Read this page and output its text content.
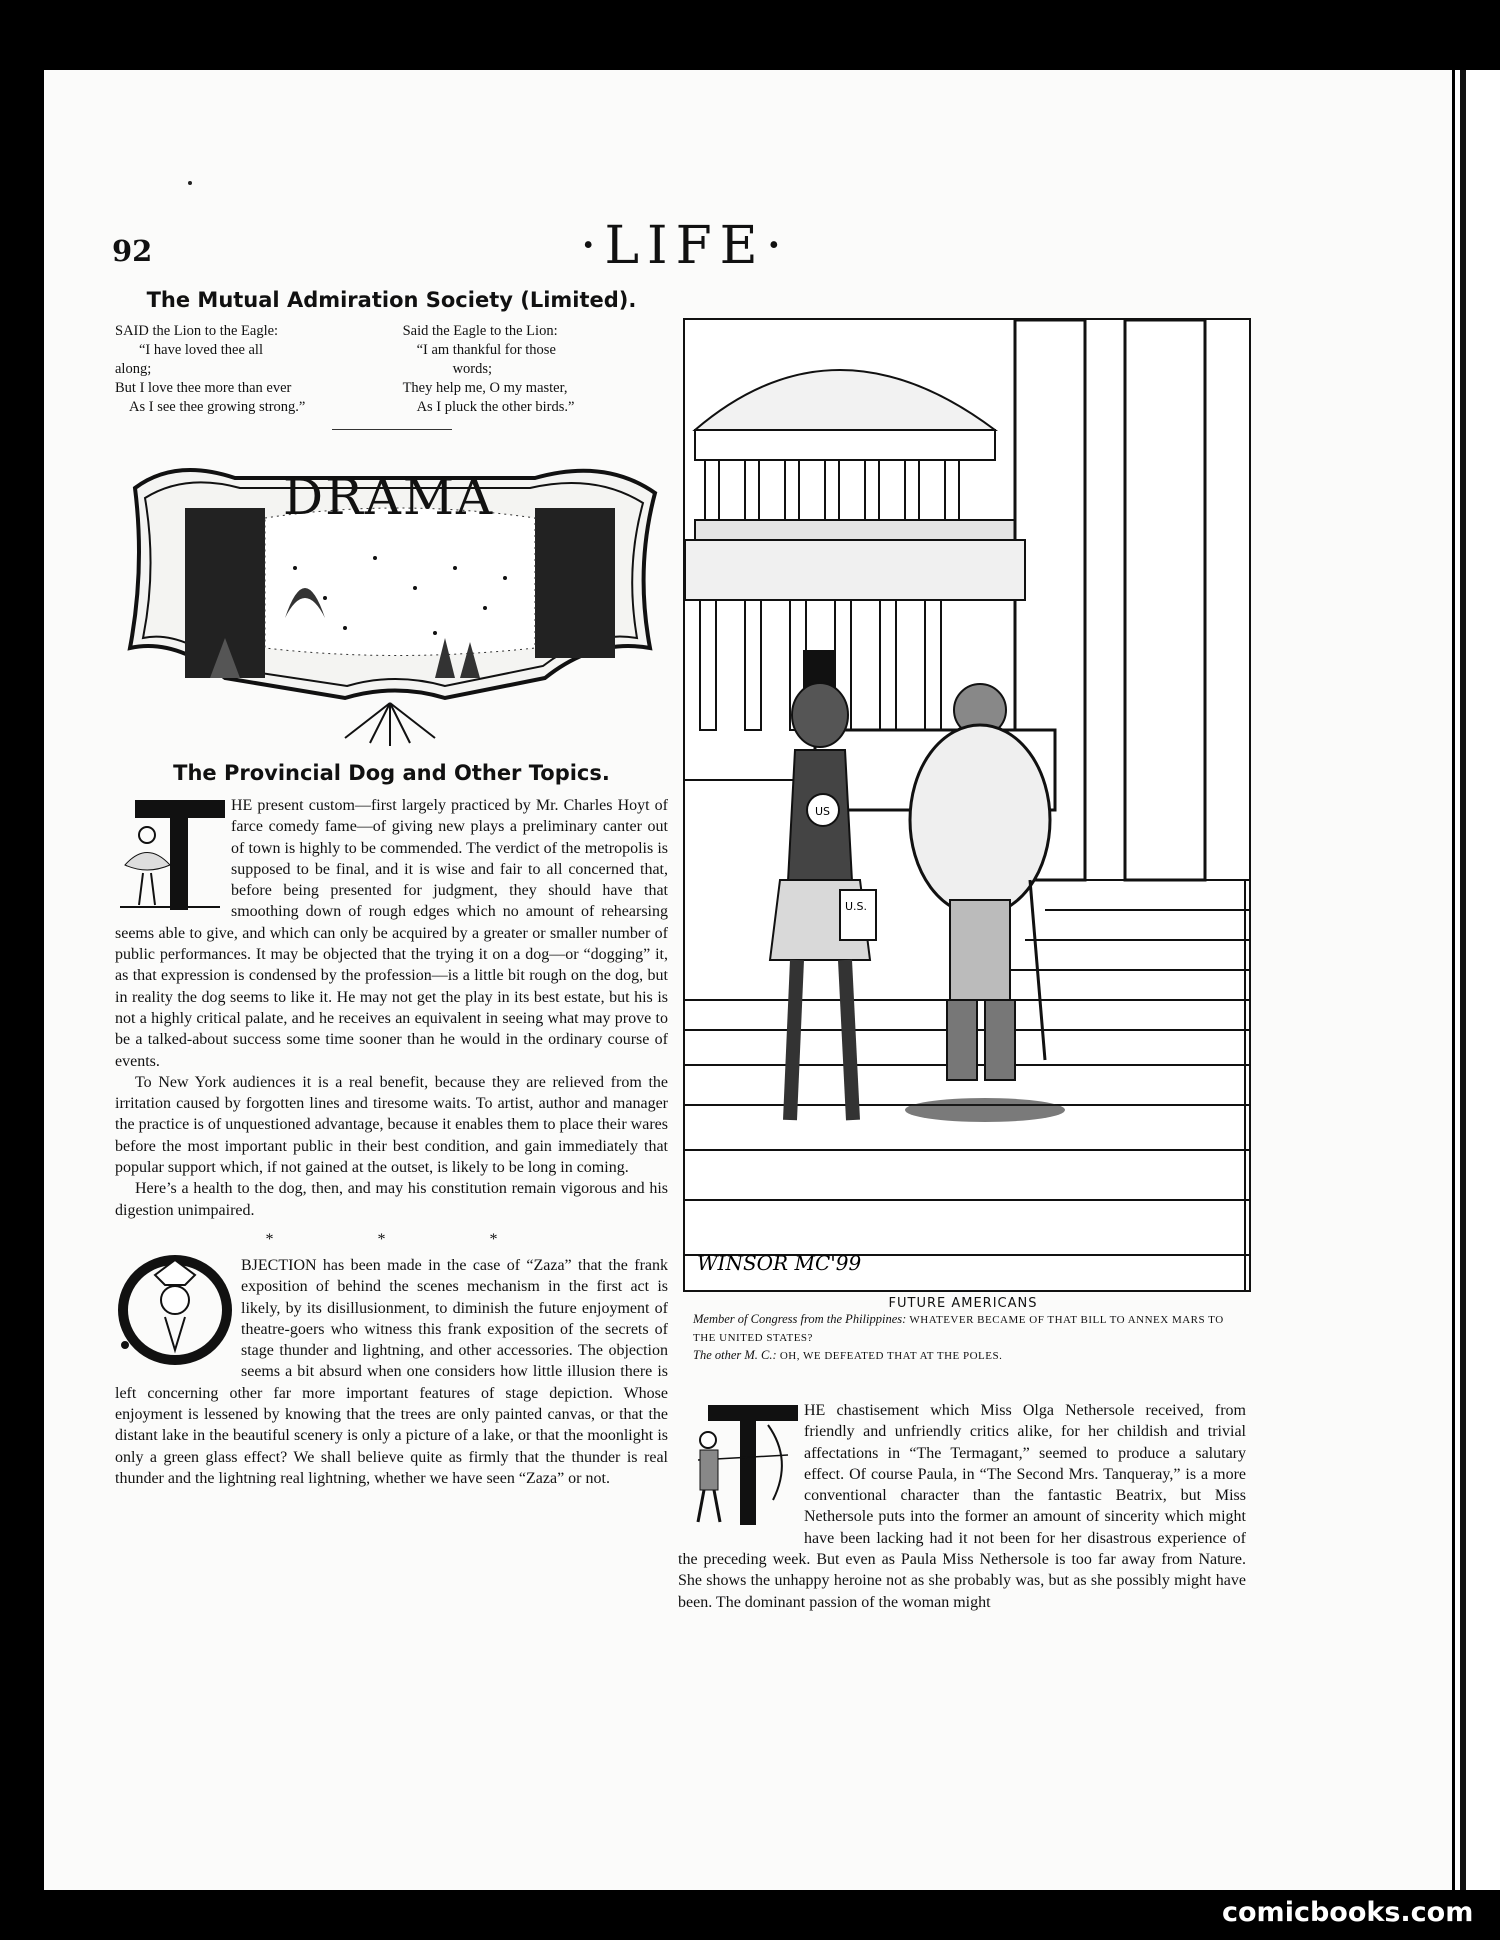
92	·LIFE·
The Mutual Admiration Society (Limited).
SAID the Lion to the Eagle:
“I have loved thee all
along;
But I love thee more than ever
As I see thee growing strong.”
Said the Eagle to the Lion:
“I am thankful for those
words;
They help me, O my master,
As I pluck the other birds.”
DRAMA
The Provincial Dog and Other Topics.

HE present custom—first largely practiced by Mr. Charles Hoyt of farce comedy fame—of giving new plays a preliminary canter out of town is highly to be commended. The verdict of the metropolis is supposed to be final, and it is wise and fair to all concerned that, before being presented for judgment, they should have that smoothing down of rough edges which no amount of rehearsing seems able to give, and which can only be acquired by a greater or smaller number of public performances. It may be objected that the trying it on a dog—or “dogging” it, as that expression is condensed by the profession—is a little bit rough on the dog, but in reality the dog seems to like it. He may not get the play in its best estate, but his is not a highly critical palate, and he receives an equivalent in seeing what may prove to be a talked-about success some time sooner than he would in the ordinary course of events.

To New York audiences it is a real benefit, because they are relieved from the irritation caused by forgotten lines and tiresome waits. To artist, author and manager the practice is of unquestioned advantage, because it enables them to place their wares before the most important public in their best condition, and gain immediately that popular support which, if not gained at the outset, is likely to be long in coming.

Here’s a health to the dog, then, and may his constitution remain vigorous and his digestion unimpaired.

* * *

BJECTION has been made in the case of “Zaza” that the frank exposition of behind the scenes mechanism in the first act is likely, by its disillusionment, to diminish the future enjoyment of theatre-goers who witness this frank exposition of the secrets of stage thunder and lightning, and other accessories. The objection seems a bit absurd when one considers how little illusion there is left concerning other far more important features of stage depiction. Whose enjoyment is lessened by knowing that the trees are only painted canvas, or that the distant lake in the beautiful scenery is only a picture of a lake, or that the moonlight is only a green glass effect? We shall believe quite as firmly that the thunder is real thunder and the lightning real lightning, whether we have seen “Zaza” or not.

US
U.S.
WINSOR MC'99
FUTURE AMERICANS
Member of Congress from the Philippines: WHATEVER BECAME OF THAT BILL TO ANNEX MARS TO THE UNITED STATES?
The other M. C.: OH, WE DEFEATED THAT AT THE POLES.

HE chastisement which Miss Olga Nethersole received, from friendly and unfriendly critics alike, for her childish and trivial affectations in “The Termagant,” seemed to produce a salutary effect. Of course Paula, in “The Second Mrs. Tanqueray,” is a more conventional character than the fantastic Beatrix, but Miss Nethersole puts into the former an amount of sincerity which might have been lacking had it not been for her disastrous experience of the preceding week. But even as Paula Miss Nethersole is too far away from Nature. She shows the unhappy heroine not as she probably was, but as she possibly might have been. The dominant passion of the woman might

comicbooks.com
